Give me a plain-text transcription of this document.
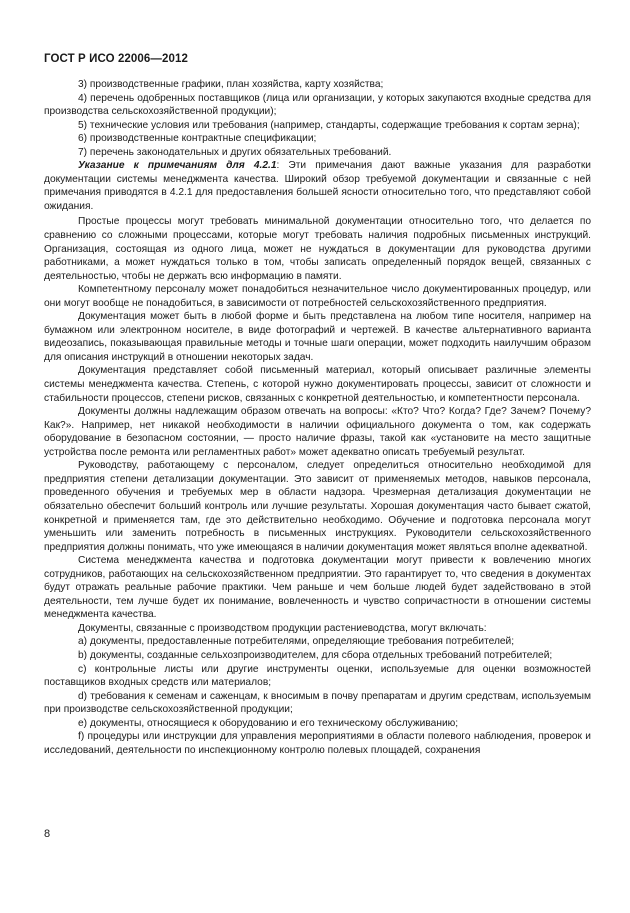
ГОСТ Р ИСО 22006—2012

3) производственные графики, план хозяйства, карту хозяйства;

4) перечень одобренных поставщиков (лица или организации, у которых закупаются входные средства для производства сельскохозяйственной продукции);

5) технические условия или требования (например, стандарты, содержащие требования к сортам зерна);

6) производственные контрактные спецификации;

7) перечень законодательных и других обязательных требований.

Указание к примечаниям для 4.2.1: Эти примечания дают важные указания для разработки документации системы менеджмента качества. Широкий обзор требуемой документации и связанные с ней примечания приводятся в 4.2.1 для предоставления большей ясности относительно того, что представляют собой ожидания.

Простые процессы могут требовать минимальной документации относительно того, что делается по сравнению со сложными процессами, которые могут требовать наличия подробных письменных инструкций. Организация, состоящая из одного лица, может не нуждаться в документации для руководства другими работниками, а может нуждаться только в том, чтобы записать определенный порядок вещей, связанных с деятельностью, чтобы не держать всю информацию в памяти.

Компетентному персоналу может понадобиться незначительное число документированных процедур, или они могут вообще не понадобиться, в зависимости от потребностей сельскохозяйственного предприятия.

Документация может быть в любой форме и быть представлена на любом типе носителя, например на бумажном или электронном носителе, в виде фотографий и чертежей. В качестве альтернативного варианта видеозапись, показывающая правильные методы и точные шаги операции, может подходить наилучшим образом для описания инструкций в отношении некоторых задач.

Документация представляет собой письменный материал, который описывает различные элементы системы менеджмента качества. Степень, с которой нужно документировать процессы, зависит от сложности и стабильности процессов, степени рисков, связанных с конкретной деятельностью, и компетентности персонала.

Документы должны надлежащим образом отвечать на вопросы: «Кто? Что? Когда? Где? Зачем? Почему? Как?». Например, нет никакой необходимости в наличии официального документа о том, как содержать оборудование в безопасном состоянии, — просто наличие фразы, такой как «установите на место защитные устройства после ремонта или регламентных работ» может адекватно описать требуемый результат.

Руководству, работающему с персоналом, следует определиться относительно необходимой для предприятия степени детализации документации. Это зависит от применяемых методов, навыков персонала, проведенного обучения и требуемых мер в области надзора. Чрезмерная детализация документации не обязательно обеспечит больший контроль или лучшие результаты. Хорошая документация часто бывает сжатой, конкретной и применяется там, где это действительно необходимо. Обучение и подготовка персонала могут уменьшить или заменить потребность в письменных инструкциях. Руководители сельскохозяйственного предприятия должны понимать, что уже имеющаяся в наличии документация может являться вполне адекватной.

Система менеджмента качества и подготовка документации могут привести к вовлечению многих сотрудников, работающих на сельскохозяйственном предприятии. Это гарантирует то, что сведения в документах будут отражать реальные рабочие практики. Чем раньше и чем больше людей будет задействовано в этой деятельности, тем лучше будет их понимание, вовлеченность и чувство сопричастности в отношении системы менеджмента качества.

Документы, связанные с производством продукции растениеводства, могут включать:

a) документы, предоставленные потребителями, определяющие требования потребителей;

b) документы, созданные сельхозпроизводителем, для сбора отдельных требований потребителей;

c) контрольные листы или другие инструменты оценки, используемые для оценки возможностей поставщиков входных средств или материалов;

d) требования к семенам и саженцам, к вносимым в почву препаратам и другим средствам, используемым при производстве сельскохозяйственной продукции;

e) документы, относящиеся к оборудованию и его техническому обслуживанию;

f) процедуры или инструкции для управления мероприятиями в области полевого наблюдения, проверок и исследований, деятельности по инспекционному контролю полевых площадей, сохранения

8
